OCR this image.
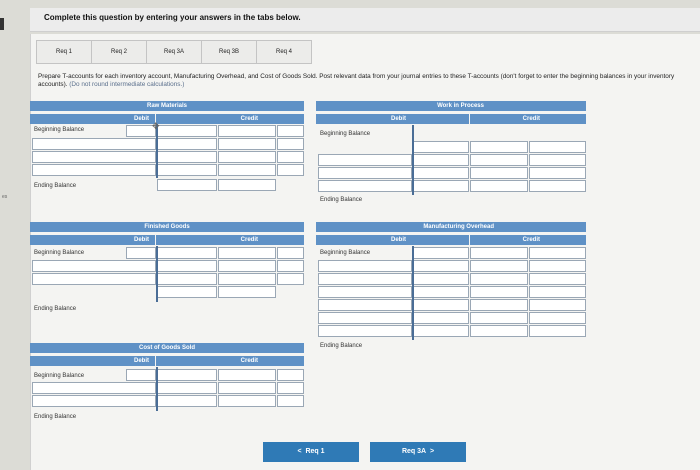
Complete this question by entering your answers in the tabs below.
es
Req 1	Req 2	Req 3A	Req 3B	Req 4
Prepare T-accounts for each inventory account, Manufacturing Overhead, and Cost of Goods Sold. Post relevant data from your journal entries to these T-accounts (don't forget to enter the beginning balances in your inventory accounts). (Do not round intermediate calculations.)
Raw Materials
Debit	Credit
Beginning Balance
Ending Balance
✥
Work in Process
Debit	Credit
Beginning Balance
Ending Balance
Finished Goods
Debit	Credit
Beginning Balance
Ending Balance
Manufacturing Overhead
Debit	Credit
Beginning Balance
Ending Balance
Cost of Goods Sold
Debit	Credit
Beginning Balance
Ending Balance
< Req 1	Req 3A >
